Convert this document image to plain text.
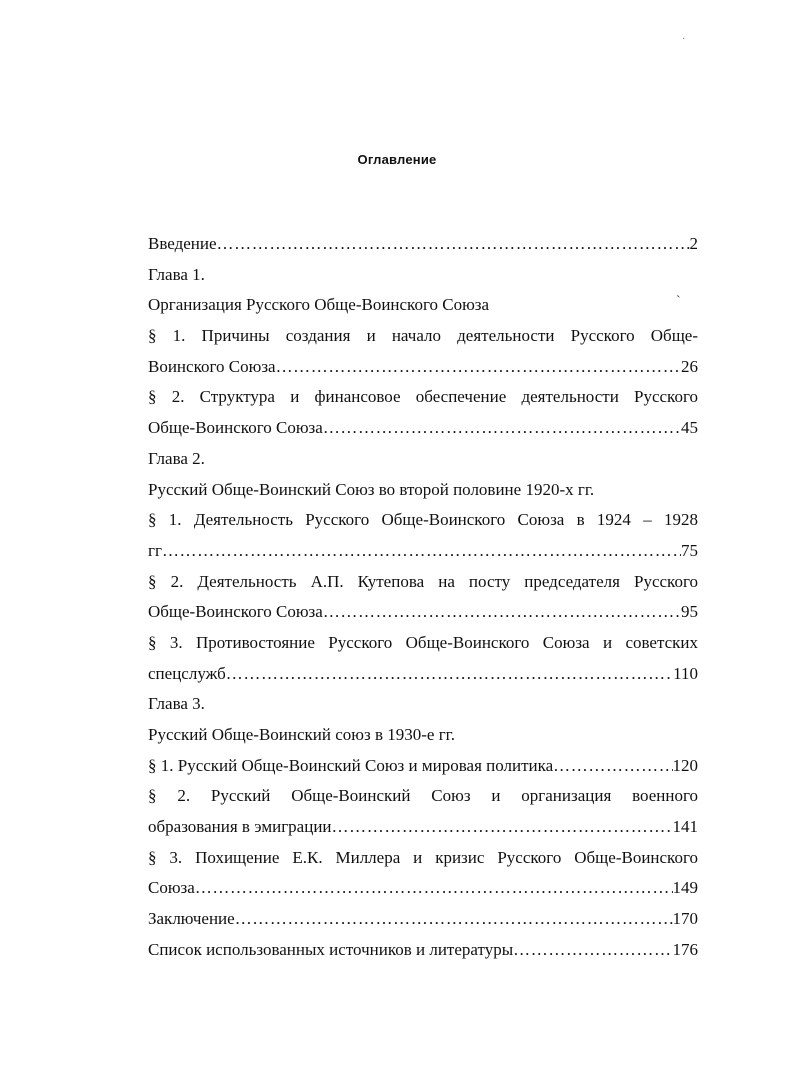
·
`
Оглавление
Введение ………………………………………………………………………………………………………………………………………………………………………	2
Глава 1.
Организация Русского Обще-Воинского Союза
§ 1. Причины создания и начало деятельности Русского Обще-
Воинского Союза ………………………………………………………………………………………………………………………………………………………………………	26
§ 2. Структура и финансовое обеспечение деятельности Русского
Обще-Воинского Союза ………………………………………………………………………………………………………………………………………………………………………	45
Глава 2.
Русский Обще-Воинский Союз во второй половине 1920-х гг.
§ 1. Деятельность Русского Обще-Воинского Союза в 1924 – 1928
гг ………………………………………………………………………………………………………………………………………………………………………	75
§ 2. Деятельность А.П. Кутепова на посту председателя Русского
Обще-Воинского Союза ………………………………………………………………………………………………………………………………………………………………………	95
§ 3. Противостояние Русского Обще-Воинского Союза и советских
спецслужб ………………………………………………………………………………………………………………………………………………………………………	110
Глава 3.
Русский Обще-Воинский союз в 1930-е гг.
§ 1. Русский Обще-Воинский Союз и мировая политика ………………………………………………………………………………………………………………………………………………………………………	120
§ 2. Русский Обще-Воинский Союз и организация военного
образования в эмиграции ………………………………………………………………………………………………………………………………………………………………………	141
§ 3. Похищение Е.К. Миллера и кризис Русского Обще-Воинского
Союза ………………………………………………………………………………………………………………………………………………………………………	149
Заключение ………………………………………………………………………………………………………………………………………………………………………	170
Список использованных источников и литературы ………………………………………………………………………………………………………………………………………………………………………	176
